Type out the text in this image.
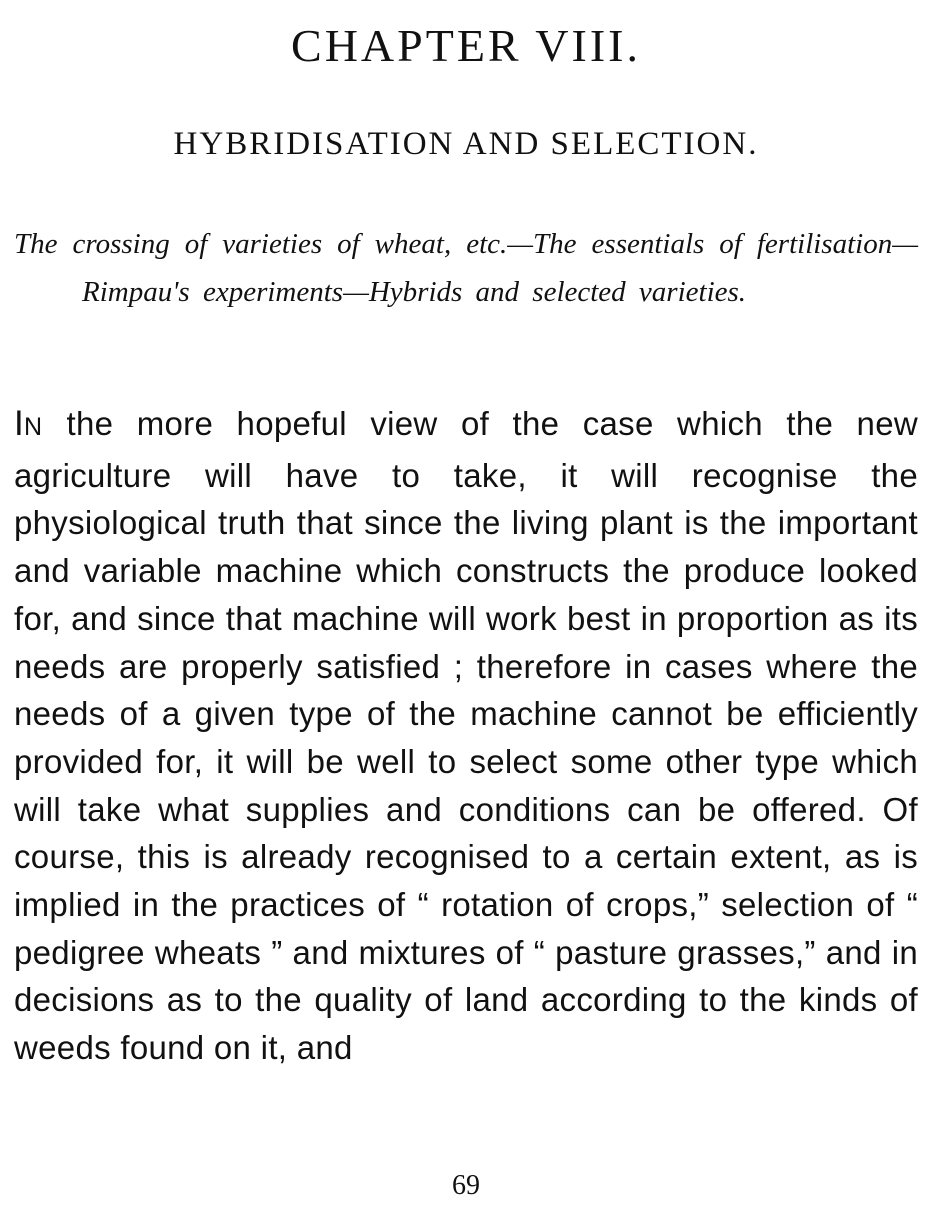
CHAPTER VIII.
HYBRIDISATION AND SELECTION.

The crossing of varieties of wheat, etc.—The essentials of fertilisation—Rimpau's experiments—Hybrids and selected varieties.

IN the more hopeful view of the case which the new agriculture will have to take, it will recognise the physiological truth that since the living plant is the important and variable machine which constructs the produce looked for, and since that machine will work best in proportion as its needs are properly satisfied ; therefore in cases where the needs of a given type of the machine cannot be efficiently provided for, it will be well to select some other type which will take what supplies and conditions can be offered. Of course, this is already recognised to a certain extent, as is implied in the practices of “ rotation of crops,” selection of “ pedigree wheats ” and mixtures of “ pasture grasses,” and in decisions as to the quality of land according to the kinds of weeds found on it, and

69
